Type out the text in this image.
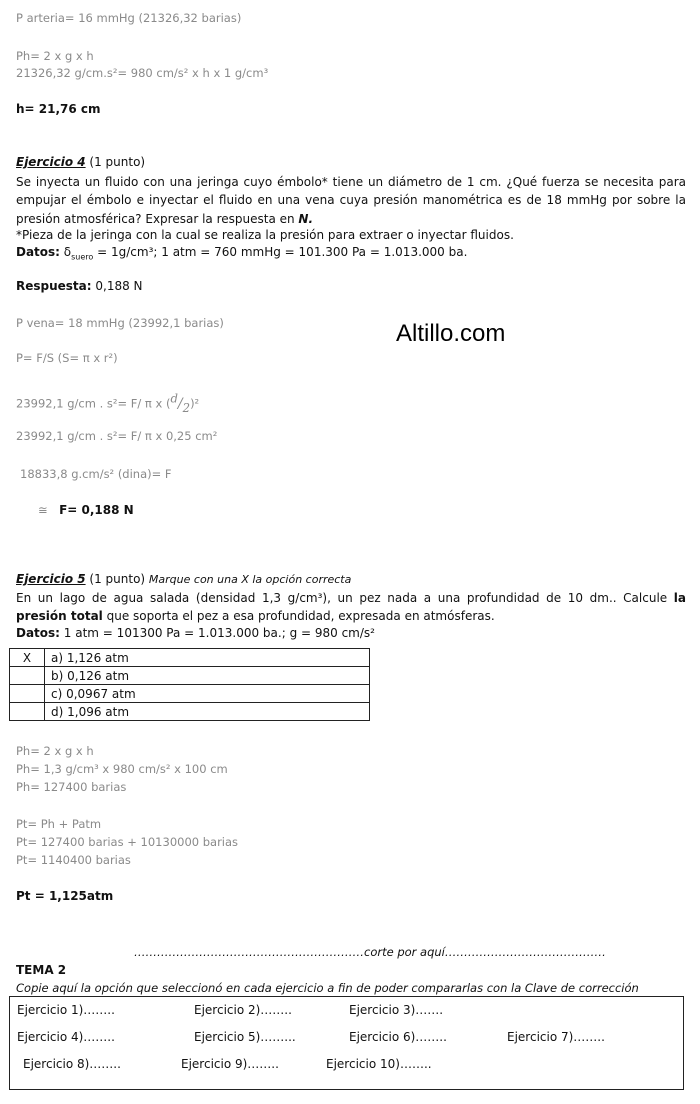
P arteria= 16 mmHg (21326,32 barias)
Ph= 2 x g x h
21326,32 g/cm.s²= 980 cm/s² x h x 1 g/cm³
h= 21,76 cm
Ejercicio 4 (1 punto)
Se inyecta un fluido con una jeringa cuyo émbolo* tiene un diámetro de 1 cm. ¿Qué fuerza se necesita para empujar el émbolo e inyectar el fluido en una vena cuya presión manométrica es de 18 mmHg por sobre la presión atmosférica? Expresar la respuesta en N.
*Pieza de la jeringa con la cual se realiza la presión para extraer o inyectar fluidos.
Datos: $\delta_{suero} = 1g/cm^3$; 1 atm = 760 mmHg = 101.300 Pa = 1.013.000 ba.
Respuesta: 0,188 N
P vena= 18 mmHg (23992,1 barias)
P= F/S (S= π x r²)
23992,1 g/cm . s²= F/ π x $(^d/_2)^2$
23992,1 g/cm . s²= F/ π x 0,25 cm²
18833,8 g.cm/s² (dina)= F
≅ F= 0,188 N
Altillo.com
Ejercicio 5 (1 punto) Marque con una X la opción correcta
En un lago de agua salada (densidad 1,3 g/cm³), un pez nada a una profundidad de 10 dm.. Calcule la presión total que soporta el pez a esa profundidad, expresada en atmósferas.
Datos: 1 atm = 101300 Pa = 1.013.000 ba.; g = 980 cm/s²
X	a) 1,126 atm
	b) 0,126 atm
	c) 0,0967 atm
	d) 1,096 atm
Ph= 2 x g x h
Ph= 1,3 g/cm³ x 980 cm/s² x 100 cm
Ph= 127400 barias
Pt= Ph + Patm
Pt= 127400 barias + 10130000 barias
Pt= 1140400 barias
Pt = 1,125atm
……………………………………………………corte por aquí……………………………………
TEMA 2
Copie aquí la opción que seleccionó en cada ejercicio a fin de poder compararlas con la Clave de corrección
Ejercicio 1)……..	Ejercicio 2)……..	Ejercicio 3)…….
Ejercicio 4)……..	Ejercicio 5)……...	Ejercicio 6)……..	Ejercicio 7)……..
Ejercicio 8)……..	Ejercicio 9)……..	Ejercicio 10)……..
